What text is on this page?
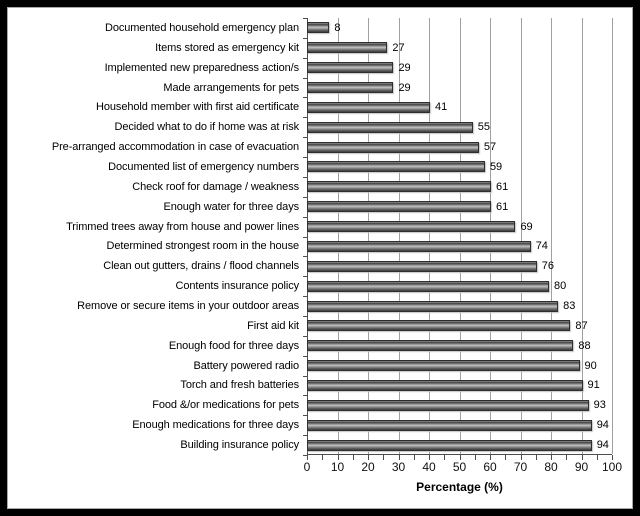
Percentage (%)
Documented household emergency plan	8
Items stored as emergency kit	27
Implemented new preparedness action/s	29
Made arrangements for pets	29
Household member with first aid certificate	41
Decided what to do if home was at risk	55
Pre-arranged accommodation in case of evacuation	57
Documented list of emergency numbers	59
Check roof for damage / weakness	61
Enough water for three days	61
Trimmed trees away from house and power lines	69
Determined strongest room in the house	74
Clean out gutters, drains / flood channels	76
Contents insurance policy	80
Remove or secure items in your outdoor areas	83
First aid kit	87
Enough food for three days	88
Battery powered radio	90
Torch and fresh batteries	91
Food &/or medications for pets	93
Enough medications for three days	94
Building insurance policy	94
0	10	20	30	40	50	60	70	80	90	100
